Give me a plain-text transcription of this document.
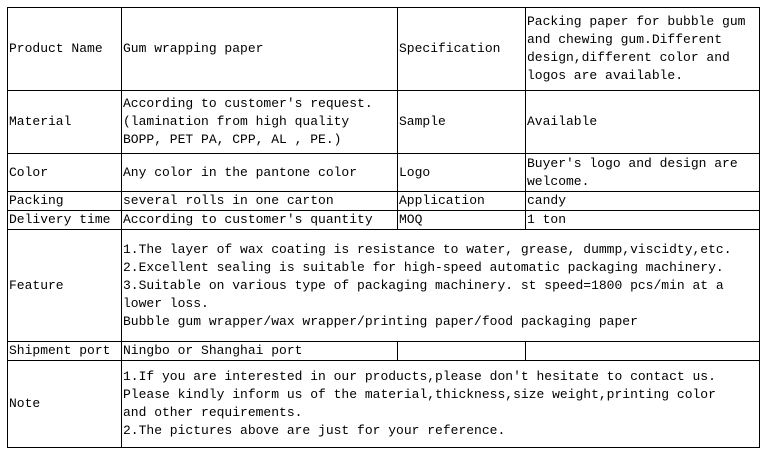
Product Name	Gum wrapping paper	Specification	Packing paper for bubble gum
and chewing gum.Different
design,different color and
logos are available.

Material	According to customer's request.
(lamination from high quality
BOPP, PET PA, CPP, AL , PE.)	Sample	Available
Color	Any color in the pantone color	Logo	Buyer's logo and design are
welcome.

Packing	several rolls in one carton	Application	candy
Delivery time	According to customer's quantity	MOQ	1 ton
Feature	1.The layer of wax coating is resistance to water, grease, dummp,viscidty,etc.
2.Excellent sealing is suitable for high-speed automatic packaging machinery.
3.Suitable on various type of packaging machinery. st speed=1800 pcs/min at a
lower loss.
Bubble gum wrapper/wax wrapper/printing paper/food packaging paper		

Shipment port	Ningbo or Shanghai port		
Note	1.If you are interested in our products,please don't hesitate to contact us.
Please kindly inform us of the material,thickness,size weight,printing color
and other requirements.
2.The pictures above are just for your reference.		
